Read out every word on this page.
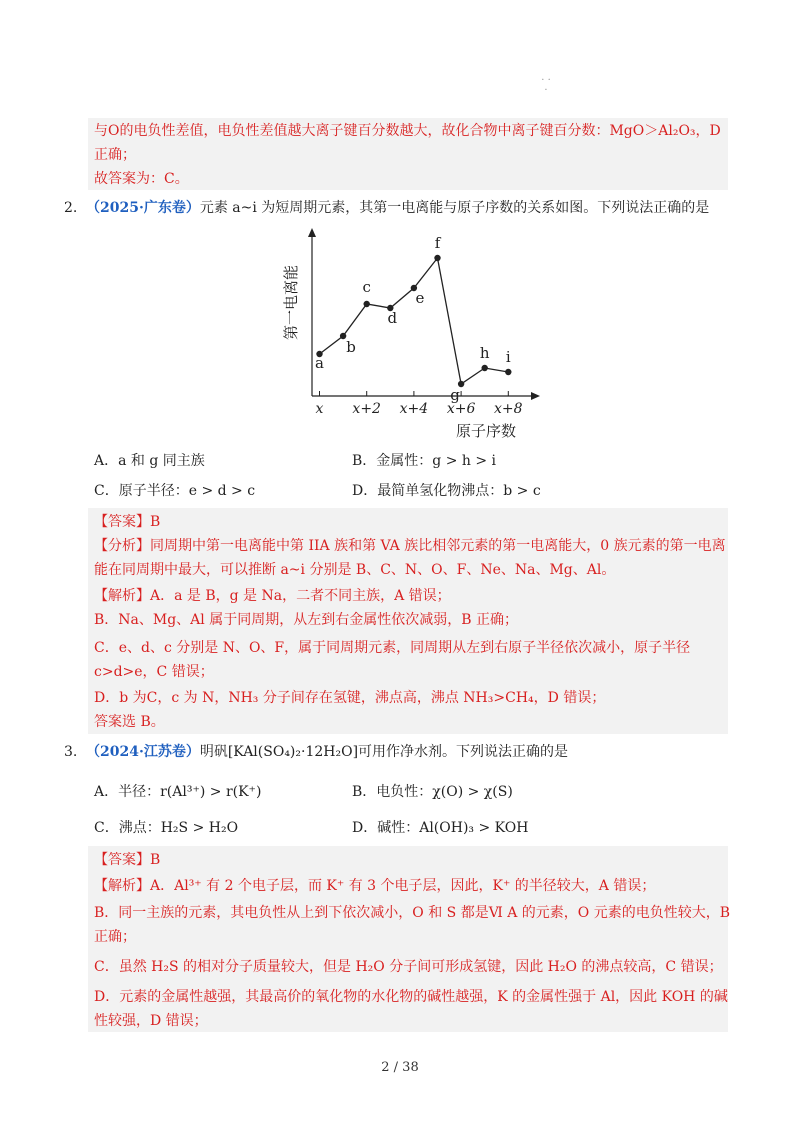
· · ·
与O的电负性差值，电负性差值越大离子键百分数越大，故化合物中离子键百分数：MgO＞Al₂O₃，D
正确；
故答案为：C。
2. （2025·广东卷）元素 a~i 为短周期元素，其第一电离能与原子序数的关系如图。下列说法正确的是
第一电离能
原子序数
x x+2 x+4 x+6 x+8
a
b
c
d
e
f
g
h i
A．a 和 g 同主族	B．金属性：g > h > i
C．原子半径：e > d > c	D．最简单氢化物沸点：b > c
【答案】B
【分析】同周期中第一电离能中第 IIA 族和第 VA 族比相邻元素的第一电离能大，0 族元素的第一电离
能在同周期中最大，可以推断 a~i 分别是 B、C、N、O、F、Ne、Na、Mg、Al。
【解析】A．a 是 B，g 是 Na，二者不同主族，A 错误；
B．Na、Mg、Al 属于同周期，从左到右金属性依次减弱，B 正确；
C．e、d、c 分别是 N、O、F，属于同周期元素，同周期从左到右原子半径依次减小，原子半径
c>d>e，C 错误；
D．b 为C，c 为 N，NH₃ 分子间存在氢键，沸点高，沸点 NH₃>CH₄，D 错误；
答案选 B。
3. （2024·江苏卷）明矾[KAl(SO₄)₂·12H₂O]可用作净水剂。下列说法正确的是
A．半径：r(Al³⁺) > r(K⁺)	B．电负性：χ(O) > χ(S)
C．沸点：H₂S > H₂O	D．碱性：Al(OH)₃ > KOH
【答案】B
【解析】A．Al³⁺ 有 2 个电子层，而 K⁺ 有 3 个电子层，因此，K⁺ 的半径较大，A 错误；
B．同一主族的元素，其电负性从上到下依次减小，O 和 S 都是Ⅵ A 的元素，O 元素的电负性较大，B
正确；
C．虽然 H₂S 的相对分子质量较大，但是 H₂O 分子间可形成氢键，因此 H₂O 的沸点较高，C 错误；
D．元素的金属性越强，其最高价的氧化物的水化物的碱性越强，K 的金属性强于 Al，因此 KOH 的碱
性较强，D 错误；
2 / 38
